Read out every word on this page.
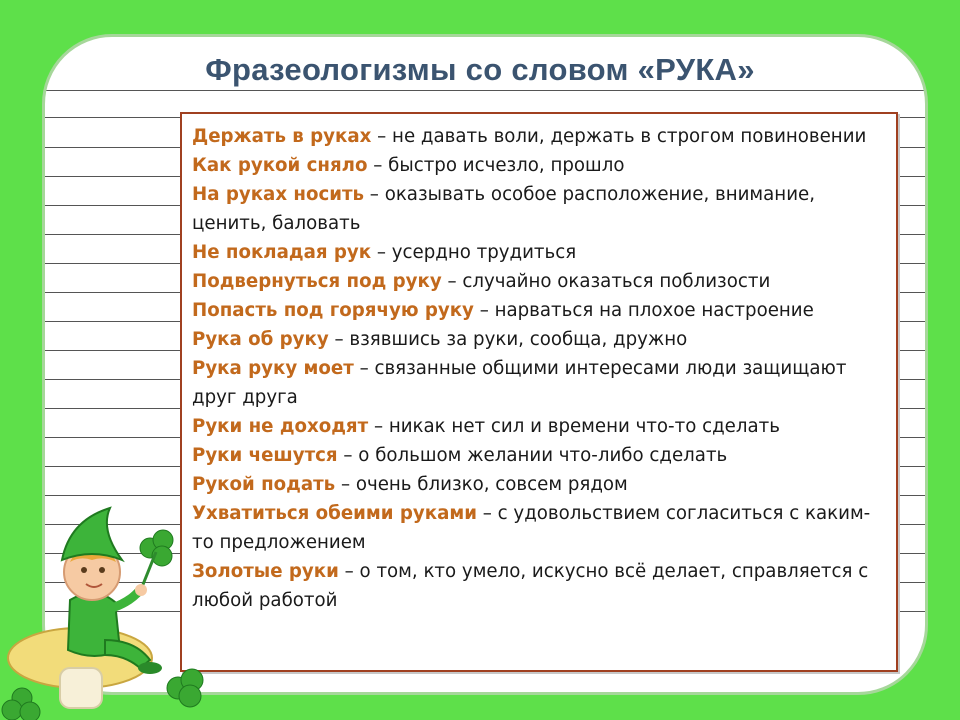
Фразеологизмы со словом «РУКА»

Держать в руках – не давать воли, держать в строгом повиновении

Как рукой сняло – быстро исчезло, прошло

На руках носить – оказывать особое расположение, внимание, ценить, баловать

Не покладая рук – усердно трудиться

Подвернуться под руку – случайно оказаться поблизости

Попасть под горячую руку – нарваться на плохое настроение

Рука об руку – взявшись за руки, сообща, дружно

Рука руку моет – связанные общими интересами люди защищают друг друга

Руки не доходят – никак нет сил и времени что-то сделать

Руки чешутся – о большом желании что-либо сделать

Рукой подать – очень близко, совсем рядом

Ухватиться обеими руками – с удовольствием согласиться с каким-то предложением

Золотые руки – о том, кто умело, искусно всё делает, справляется с любой работой
